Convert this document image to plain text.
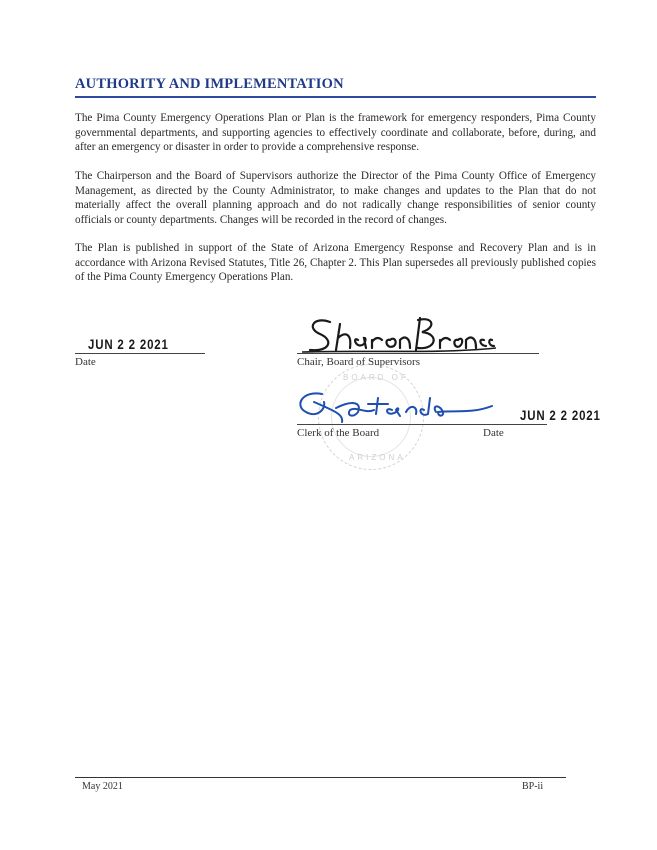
AUTHORITY AND IMPLEMENTATION

The Pima County Emergency Operations Plan or Plan is the framework for emergency responders, Pima County governmental departments, and supporting agencies to effectively coordinate and collaborate, before, during, and after an emergency or disaster in order to provide a comprehensive response.

The Chairperson and the Board of Supervisors authorize the Director of the Pima County Office of Emergency Management, as directed by the County Administrator, to make changes and updates to the Plan that do not materially affect the overall planning approach and do not radically change responsibilities of senior county officials or county departments. Changes will be recorded in the record of changes.

The Plan is published in support of the State of Arizona Emergency Response and Recovery Plan and is in accordance with Arizona Revised Statutes, Title 26, Chapter 2. This Plan supersedes all previously published copies of the Pima County Emergency Operations Plan.

JUN 2 2 2021
Date
BOARD OF
ARIZONA
Chair, Board of Supervisors
Clerk of the Board
JUN 2 2 2021
Date
May 2021	BP-ii
